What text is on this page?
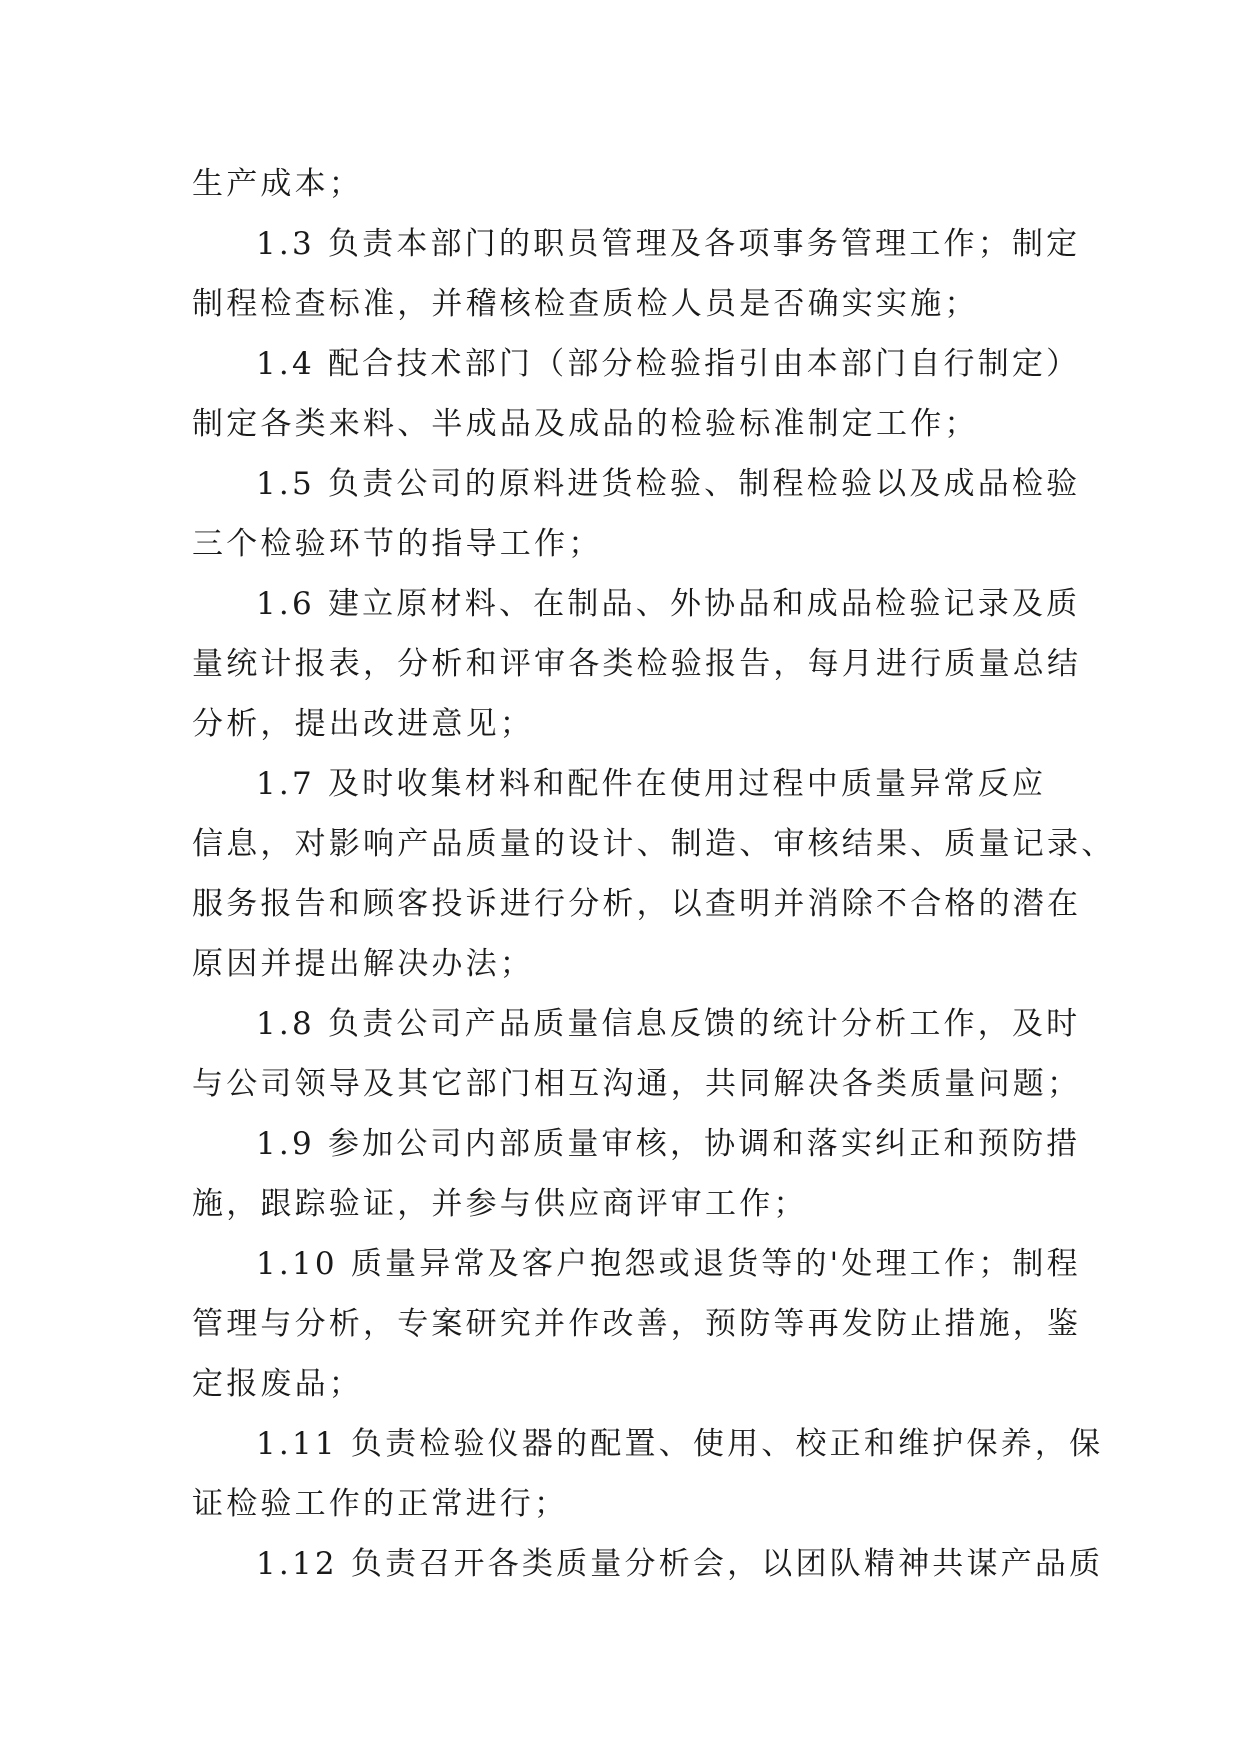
生产成本；
1.3 负责本部门的职员管理及各项事务管理工作；制定
制程检查标准，并稽核检查质检人员是否确实实施；
1.4 配合技术部门（部分检验指引由本部门自行制定）
制定各类来料、半成品及成品的检验标准制定工作；
1.5 负责公司的原料进货检验、制程检验以及成品检验
三个检验环节的指导工作；
1.6 建立原材料、在制品、外协品和成品检验记录及质
量统计报表，分析和评审各类检验报告，每月进行质量总结
分析，提出改进意见；
1.7 及时收集材料和配件在使用过程中质量异常反应
信息，对影响产品质量的设计、制造、审核结果、质量记录、
服务报告和顾客投诉进行分析，以查明并消除不合格的潜在
原因并提出解决办法；
1.8 负责公司产品质量信息反馈的统计分析工作，及时
与公司领导及其它部门相互沟通，共同解决各类质量问题；
1.9 参加公司内部质量审核，协调和落实纠正和预防措
施，跟踪验证，并参与供应商评审工作；
1.10 质量异常及客户抱怨或退货等的'处理工作；制程
管理与分析，专案研究并作改善，预防等再发防止措施，鉴
定报废品；
1.11 负责检验仪器的配置、使用、校正和维护保养，保
证检验工作的正常进行；
1.12 负责召开各类质量分析会，以团队精神共谋产品质
